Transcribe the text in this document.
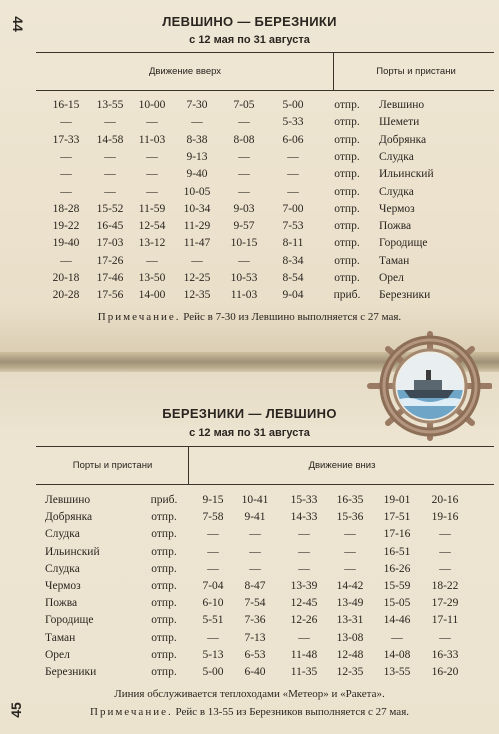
44	ЛЕВШИНО — БЕРЕЗНИКИ
с 12 мая по 31 августа
Движение вверх	Порты и пристани
16-15	13-55	10-00	7-30	7-05	5-00	отпр.	Левшино
—	—	—	—	—	5-33	отпр.	Шемети
17-33	14-58	11-03	8-38	8-08	6-06	отпр.	Добрянка
—	—	—	9-13	—	—	отпр.	Слудка
—	—	—	9-40	—	—	отпр.	Ильинский
—	—	—	10-05	—	—	отпр.	Слудка
18-28	15-52	11-59	10-34	9-03	7-00	отпр.	Чермоз
19-22	16-45	12-54	11-29	9-57	7-53	отпр.	Пожва
19-40	17-03	13-12	11-47	10-15	8-11	отпр.	Городище
—	17-26	—	—	—	8-34	отпр.	Таман
20-18	17-46	13-50	12-25	10-53	8-54	отпр.	Орел
20-28	17-56	14-00	12-35	11-03	9-04	приб.	Березники
Примечание. Рейс в 7-30 из Левшино выполняется с 27 мая.
БЕРЕЗНИКИ — ЛЕВШИНО
с 12 мая по 31 августа
Порты и пристани	Движение вниз
Левшино	приб.	9-15	10-41	15-33	16-35	19-01	20-16
Добрянка	отпр.	7-58	9-41	14-33	15-36	17-51	19-16
Слудка	отпр.	—	—	—	—	17-16	—
Ильинский	отпр.	—	—	—	—	16-51	—
Слудка	отпр.	—	—	—	—	16-26	—
Чермоз	отпр.	7-04	8-47	13-39	14-42	15-59	18-22
Пожва	отпр.	6-10	7-54	12-45	13-49	15-05	17-29
Городище	отпр.	5-51	7-36	12-26	13-31	14-46	17-11
Таман	отпр.	—	7-13	—	13-08	—	—
Орел	отпр.	5-13	6-53	11-48	12-48	14-08	16-33
Березники	отпр.	5-00	6-40	11-35	12-35	13-55	16-20
Линия обслуживается теплоходами «Метеор» и «Ракета».
Примечание. Рейс в 13-55 из Березников выполняется с 27 мая.
45
